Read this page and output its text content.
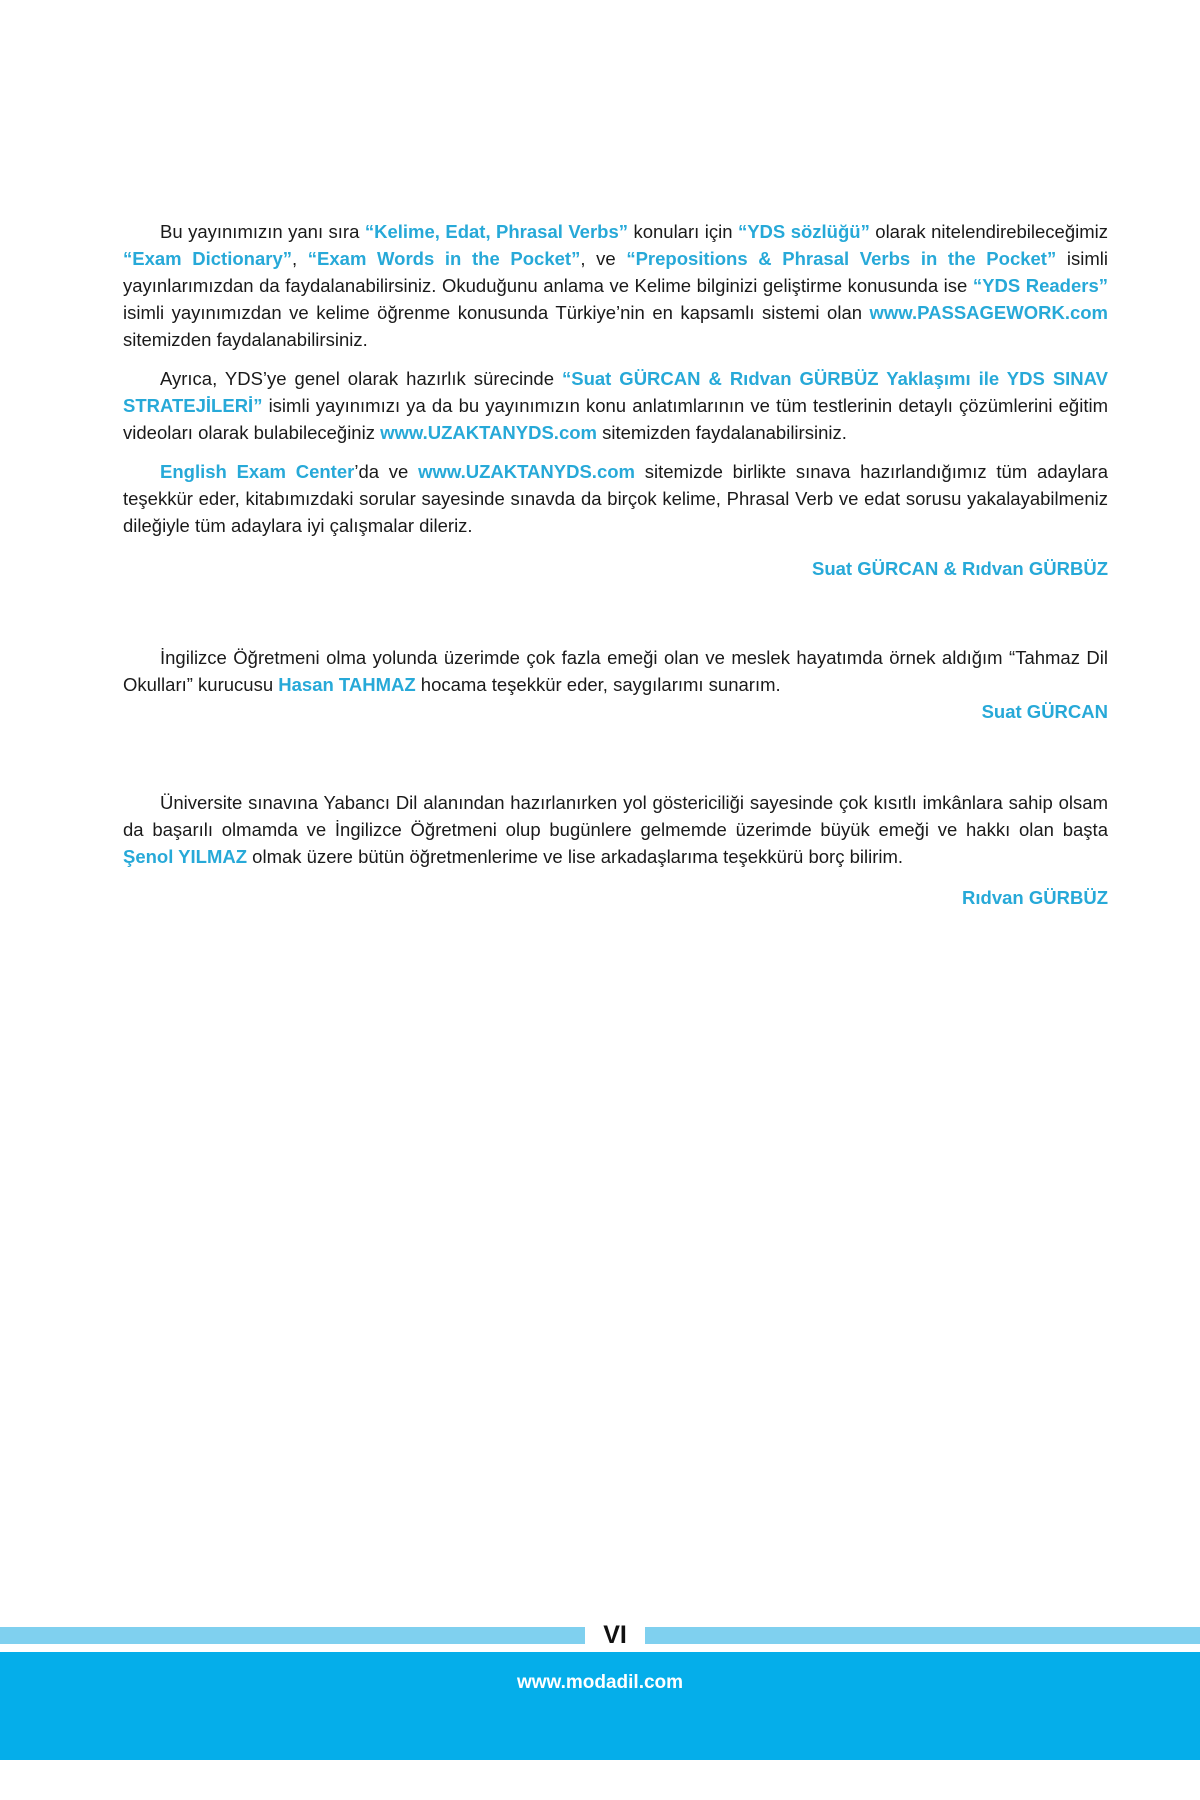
Bu yayınımızın yanı sıra “Kelime, Edat, Phrasal Verbs” konuları için “YDS sözlüğü” olarak nitelendirebileceğimiz “Exam Dictionary”, “Exam Words in the Pocket”, ve “Prepositions & Phrasal Verbs in the Pocket” isimli yayınlarımızdan da faydalanabilirsiniz. Okuduğunu anlama ve Kelime bilginizi geliştirme konusunda ise “YDS Readers” isimli yayınımızdan ve kelime öğrenme konusunda Türkiye’nin en kapsamlı sistemi olan www.PASSAGEWORK.com sitemizden faydalanabilirsiniz.

Ayrıca, YDS’ye genel olarak hazırlık sürecinde “Suat GÜRCAN & Rıdvan GÜRBÜZ Yaklaşımı ile YDS SINAV STRATEJİLERİ” isimli yayınımızı ya da bu yayınımızın konu anlatımlarının ve tüm testlerinin detaylı çözümlerini eğitim videoları olarak bulabileceğiniz www.UZAKTANYDS.com sitemizden faydalanabilirsiniz.

English Exam Center’da ve www.UZAKTANYDS.com sitemizde birlikte sınava hazırlandığımız tüm adaylara teşekkür eder, kitabımızdaki sorular sayesinde sınavda da birçok kelime, Phrasal Verb ve edat sorusu yakalayabilmeniz dileğiyle tüm adaylara iyi çalışmalar dileriz.

Suat GÜRCAN & Rıdvan GÜRBÜZ

İngilizce Öğretmeni olma yolunda üzerimde çok fazla emeği olan ve meslek hayatımda örnek aldığım “Tahmaz Dil Okulları” kurucusu Hasan TAHMAZ hocama teşekkür eder, saygılarımı sunarım.

Suat GÜRCAN

Üniversite sınavına Yabancı Dil alanından hazırlanırken yol göstericiliği sayesinde çok kısıtlı imkânlara sahip olsam da başarılı olmamda ve İngilizce Öğretmeni olup bugünlere gelmemde üzerimde büyük emeği ve hakkı olan başta Şenol YILMAZ olmak üzere bütün öğretmenlerime ve lise arkadaşlarıma teşekkürü borç bilirim.

Rıdvan GÜRBÜZ

VI
www.modadil.com
